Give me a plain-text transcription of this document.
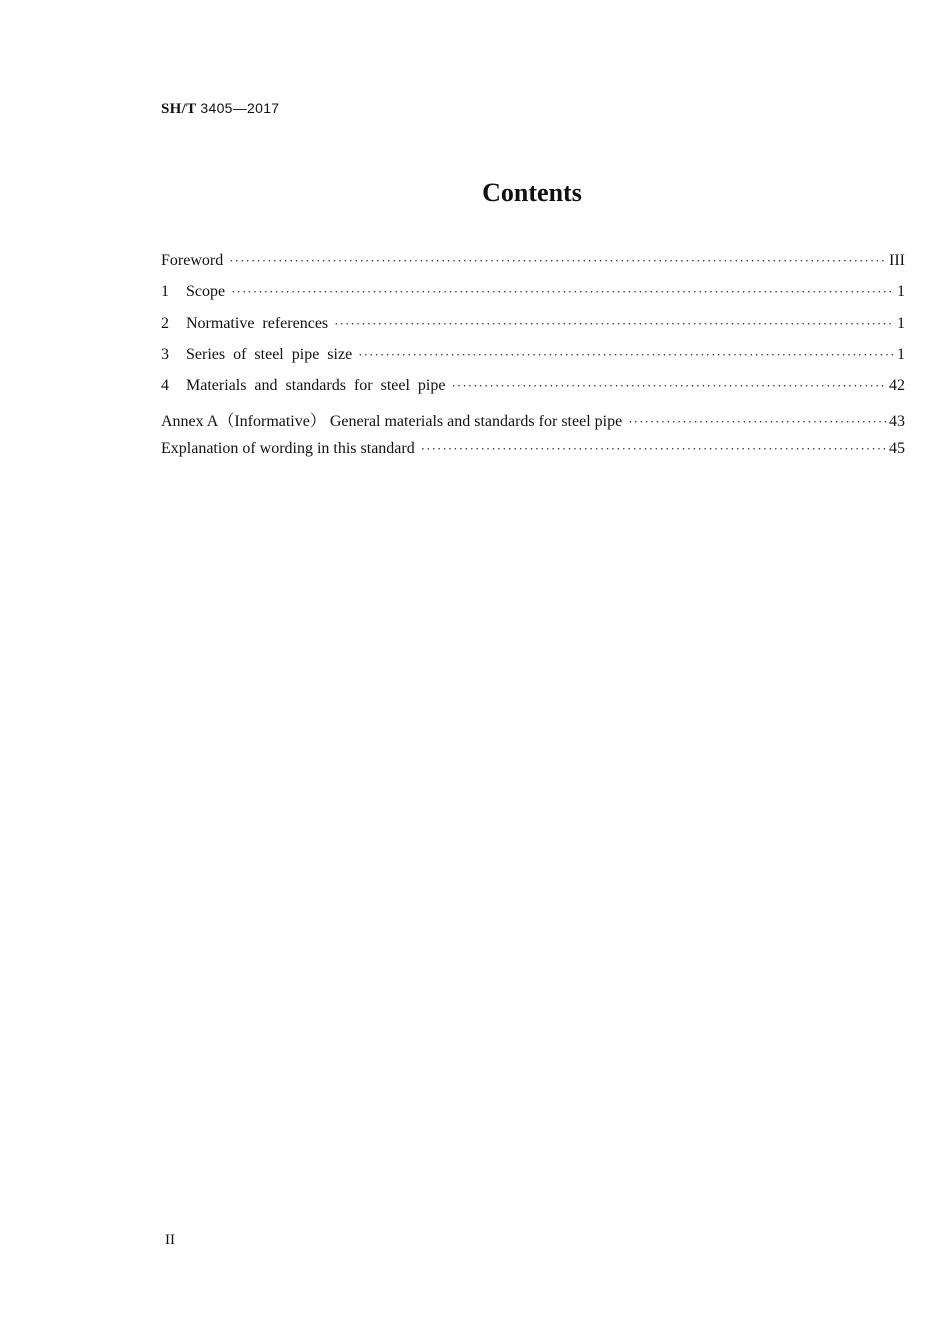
SH/T 3405—2017
Contents
Foreword ·····	III
1	Scope ·····	1
2	Normative references ·····	1
3	Series of steel pipe size ·····	1
4	Materials and standards for steel pipe ·····	42
Annex A（Informative） General materials and standards for steel pipe ·····	43
Explanation of wording in this standard ·····	45
II
